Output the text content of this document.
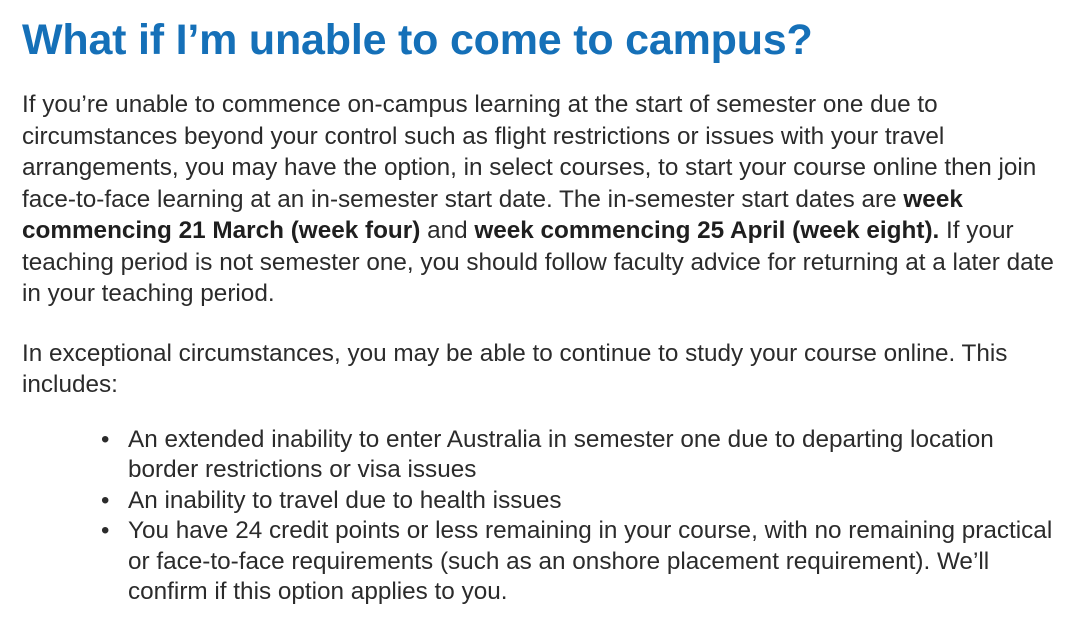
What if I’m unable to come to campus?

If you’re unable to commence on-campus learning at the start of semester one due to circumstances beyond your control such as flight restrictions or issues with your travel arrangements, you may have the option, in select courses, to start your course online then join face-to-face learning at an in-semester start date. The in-semester start dates are week commencing 21 March (week four) and week commencing 25 April (week eight). If your teaching period is not semester one, you should follow faculty advice for returning at a later date in your teaching period.

In exceptional circumstances, you may be able to continue to study your course online. This includes:

• An extended inability to enter Australia in semester one due to departing location border restrictions or visa issues
• An inability to travel due to health issues
• You have 24 credit points or less remaining in your course, with no remaining practical or face-to-face requirements (such as an onshore placement requirement). We’ll confirm if this option applies to you.
